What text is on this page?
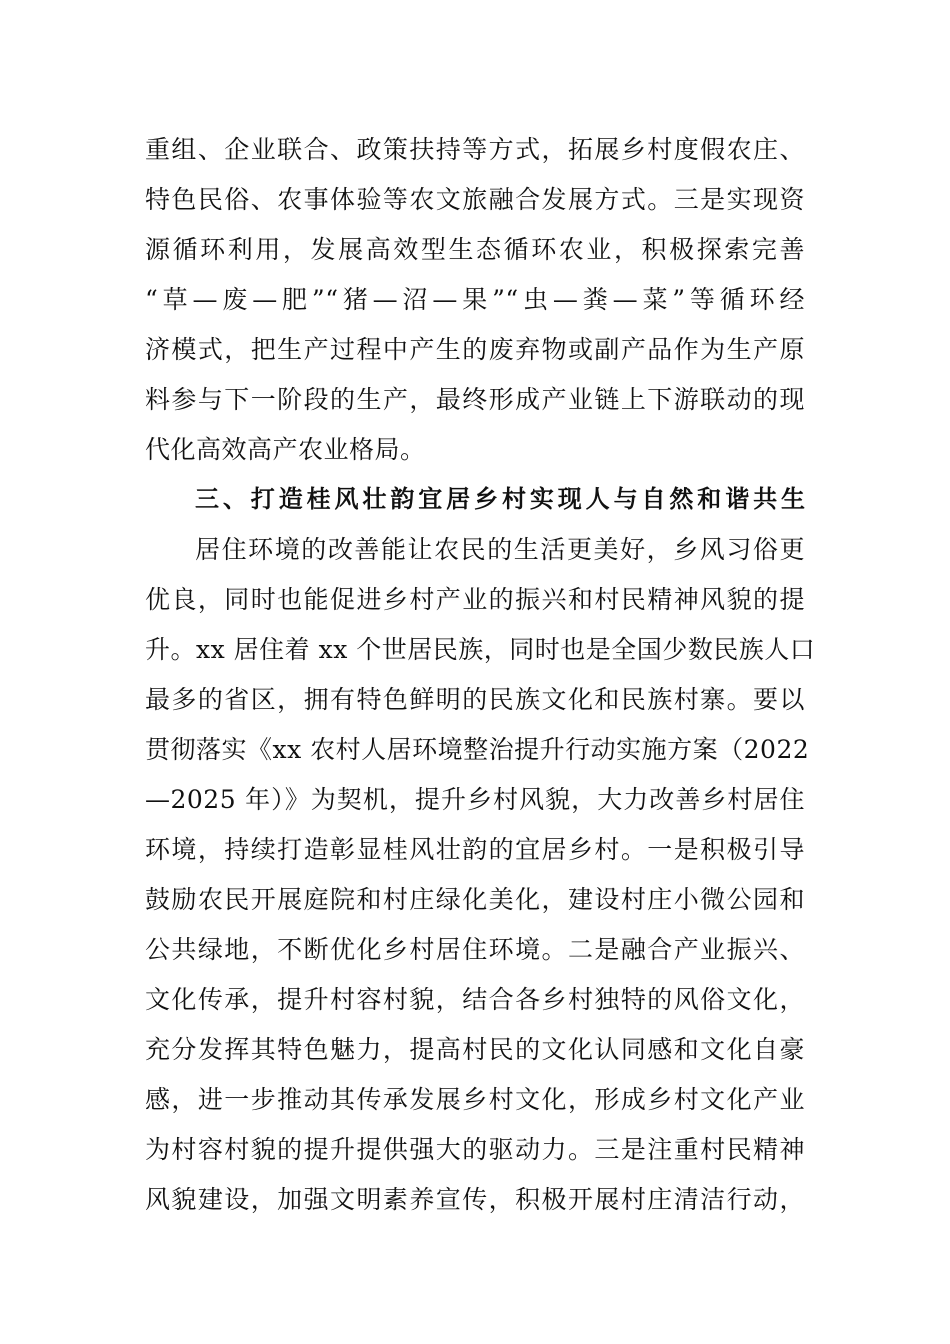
重组、企业联合、政策扶持等方式，拓展乡村度假农庄、
特色民俗、农事体验等农文旅融合发展方式。三是实现资
源循环利用，发展高效型生态循环农业，积极探索完善
“草—废—肥”“猪—沼—果”“虫—粪—菜”等循环经
济模式，把生产过程中产生的废弃物或副产品作为生产原
料参与下一阶段的生产，最终形成产业链上下游联动的现
代化高效高产农业格局。
三、打造桂风壮韵宜居乡村实现人与自然和谐共生
居住环境的改善能让农民的生活更美好，乡风习俗更
优良，同时也能促进乡村产业的振兴和村民精神风貌的提
升。xx 居住着 xx 个世居民族，同时也是全国少数民族人口
最多的省区，拥有特色鲜明的民族文化和民族村寨。要以
贯彻落实《xx 农村人居环境整治提升行动实施方案（2022
—2025 年）》为契机，提升乡村风貌，大力改善乡村居住
环境，持续打造彰显桂风壮韵的宜居乡村。一是积极引导
鼓励农民开展庭院和村庄绿化美化，建设村庄小微公园和
公共绿地，不断优化乡村居住环境。二是融合产业振兴、
文化传承，提升村容村貌，结合各乡村独特的风俗文化，
充分发挥其特色魅力，提高村民的文化认同感和文化自豪
感，进一步推动其传承发展乡村文化，形成乡村文化产业
为村容村貌的提升提供强大的驱动力。三是注重村民精神
风貌建设，加强文明素养宣传，积极开展村庄清洁行动，
